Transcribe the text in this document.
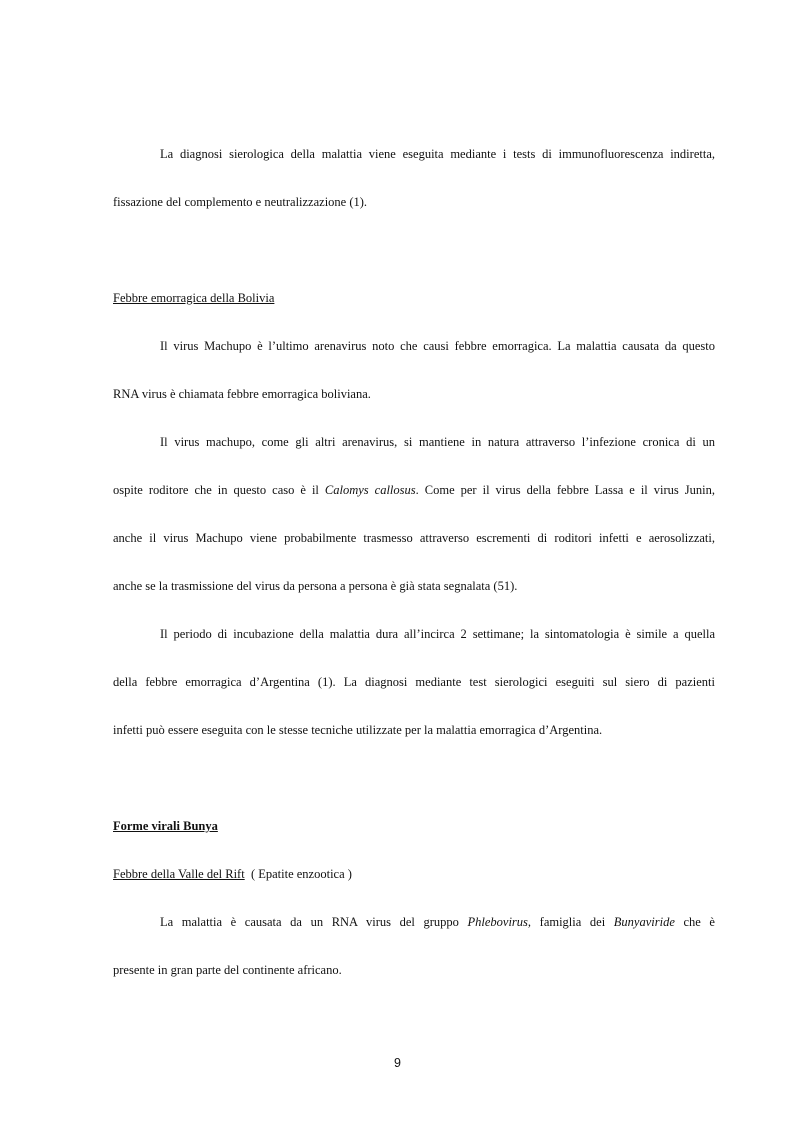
La diagnosi sierologica della malattia viene eseguita mediante i tests di immunofluorescenza indiretta,
fissazione del complemento e neutralizzazione (1).
Febbre emorragica della Bolivia
Il virus Machupo è l’ultimo arenavirus noto che causi febbre emorragica. La malattia causata da questo
RNA virus è chiamata febbre emorragica boliviana.
Il virus machupo, come gli altri arenavirus, si mantiene in natura attraverso l’infezione cronica di un
ospite roditore che in questo caso è il Calomys callosus. Come per il virus della febbre Lassa e il virus Junin,
anche il virus Machupo viene probabilmente trasmesso attraverso escrementi di roditori infetti e aerosolizzati,
anche se la trasmissione del virus da persona a persona è già stata segnalata (51).
Il periodo di incubazione della malattia dura all’incirca 2 settimane; la sintomatologia è simile a quella
della febbre emorragica d’Argentina (1). La diagnosi mediante test sierologici eseguiti sul siero di pazienti
infetti può essere eseguita con le stesse tecniche utilizzate per la malattia emorragica d’Argentina.
Forme virali Bunya
Febbre della Valle del Rift ( Epatite enzootica )
La malattia è causata da un RNA virus del gruppo Phlebovirus, famiglia dei Bunyaviride che è
presente in gran parte del continente africano.
9
